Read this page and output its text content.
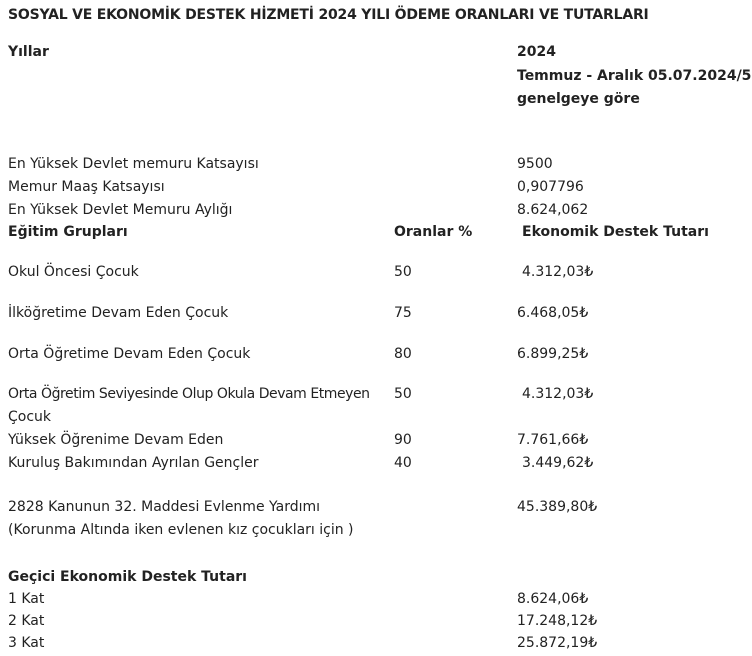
SOSYAL VE EKONOMİK DESTEK HİZMETİ 2024 YILI ÖDEME ORANLARI VE TUTARLARI
Yıllar	2024
Temmuz - Aralık 05.07.2024/5
genelgeye göre
En Yüksek Devlet memuru Katsayısı	9500
Memur Maaş Katsayısı	0,907796
En Yüksek Devlet Memuru Aylığı	8.624,062
Eğitim Grupları	Oranlar %	Ekonomik Destek Tutarı
Okul Öncesi Çocuk	50	4.312,03₺
İlköğretime Devam Eden Çocuk	75	6.468,05₺
Orta Öğretime Devam Eden Çocuk	80	6.899,25₺
Orta Öğretim Seviyesinde Olup Okula Devam Etmeyen 50	4.312,03₺
Çocuk
Yüksek Öğrenime Devam Eden	90	7.761,66₺
Kuruluş Bakımından Ayrılan Gençler	40	3.449,62₺
2828 Kanunun 32. Maddesi Evlenme Yardımı	45.389,80₺
(Korunma Altında iken evlenen kız çocukları için )
Geçici Ekonomik Destek Tutarı
1 Kat	8.624,06₺
2 Kat	17.248,12₺
3 Kat	25.872,19₺
